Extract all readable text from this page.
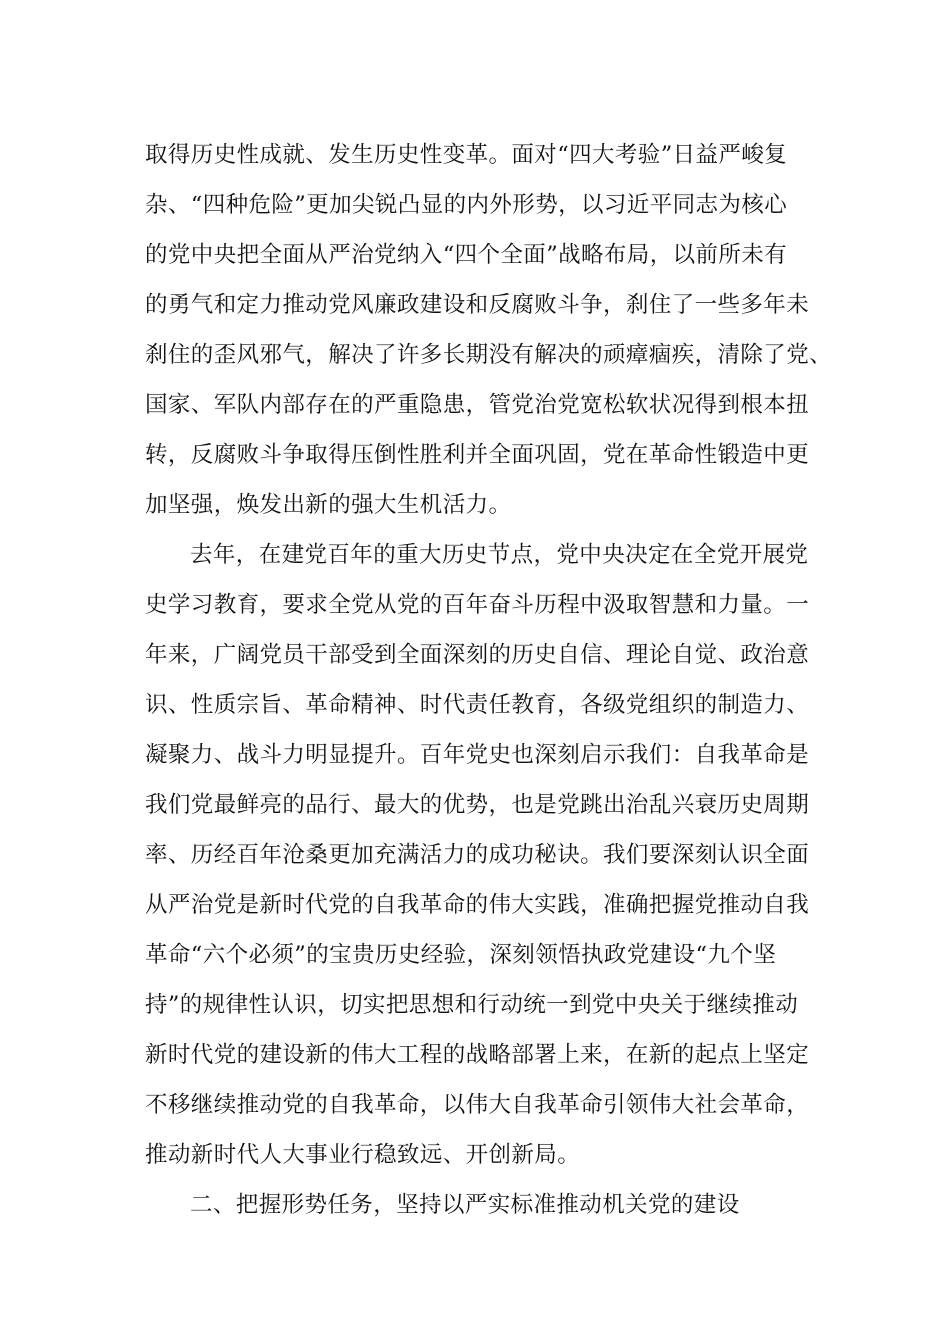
取得历史性成就、发生历史性变革。面对“四大考验”日益严峻复
杂、“四种危险”更加尖锐凸显的内外形势，以习近平同志为核心
的党中央把全面从严治党纳入“四个全面”战略布局，以前所未有
的勇气和定力推动党风廉政建设和反腐败斗争，刹住了一些多年未
刹住的歪风邪气，解决了许多长期没有解决的顽瘴痼疾，清除了党、
国家、军队内部存在的严重隐患，管党治党宽松软状况得到根本扭
转，反腐败斗争取得压倒性胜利并全面巩固，党在革命性锻造中更
加坚强，焕发出新的强大生机活力。
去年，在建党百年的重大历史节点，党中央决定在全党开展党
史学习教育，要求全党从党的百年奋斗历程中汲取智慧和力量。一
年来，广阔党员干部受到全面深刻的历史自信、理论自觉、政治意
识、性质宗旨、革命精神、时代责任教育，各级党组织的制造力、
凝聚力、战斗力明显提升。百年党史也深刻启示我们：自我革命是
我们党最鲜亮的品行、最大的优势，也是党跳出治乱兴衰历史周期
率、历经百年沧桑更加充满活力的成功秘诀。我们要深刻认识全面
从严治党是新时代党的自我革命的伟大实践，准确把握党推动自我
革命“六个必须”的宝贵历史经验，深刻领悟执政党建设“九个坚
持”的规律性认识，切实把思想和行动统一到党中央关于继续推动
新时代党的建设新的伟大工程的战略部署上来，在新的起点上坚定
不移继续推动党的自我革命，以伟大自我革命引领伟大社会革命，
推动新时代人大事业行稳致远、开创新局。
二、把握形势任务，坚持以严实标准推动机关党的建设
